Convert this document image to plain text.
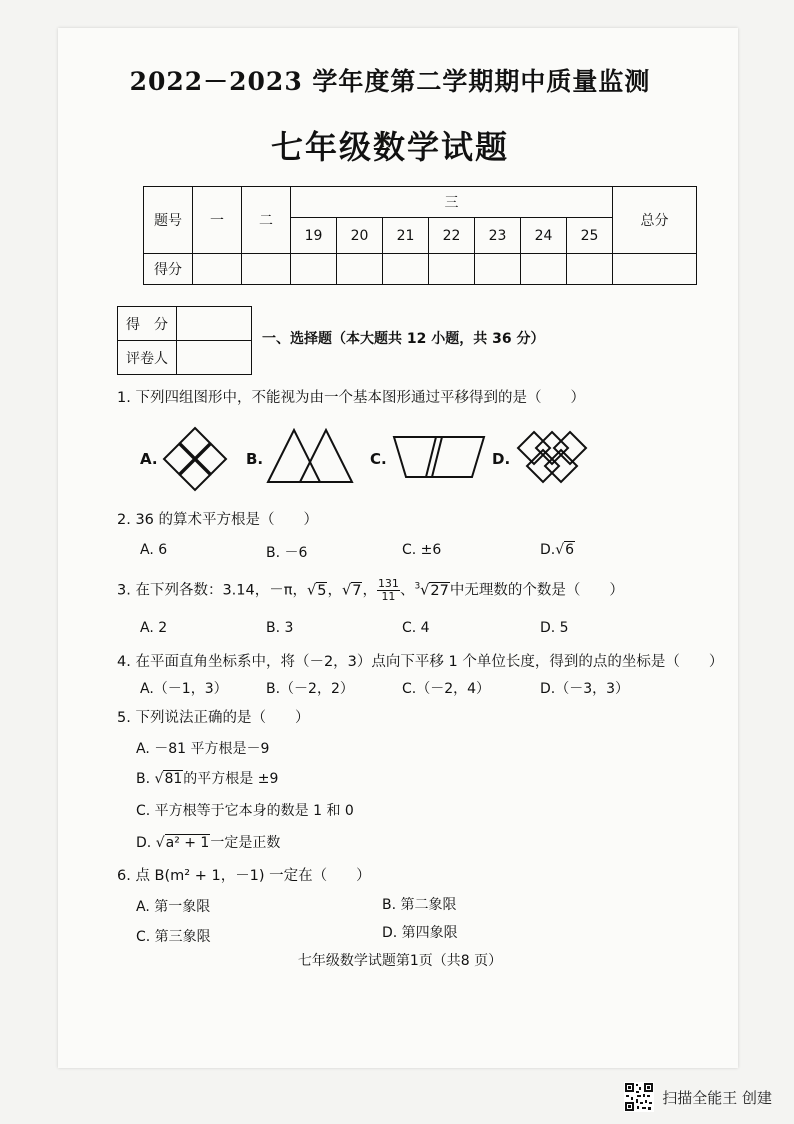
2022－2023 学年度第二学期期中质量监测
七年级数学试题
题号	一	二	三							总分
			19	20	21	22	23	24	25	
得分										
得　分	
评卷人	
一、选择题（本大题共 12 小题，共 36 分）
1. 下列四组图形中，不能视为由一个基本图形通过平移得到的是（　　）
A.	B.	C.	D.
2. 36 的算术平方根是（　　）
A. 6	B. －6	C. ±6	D.√6
3. 在下列各数：3.14，－π，√5，√7， $\frac{131}{11}$ 、$^3$√27中无理数的个数是（　　）
A. 2	B. 3	C. 4	D. 5
4. 在平面直角坐标系中，将（－2，3）点向下平移 1 个单位长度，得到的点的坐标是（　　）
A.（－1，3）	B.（－2，2）	C.（－2，4）	D.（－3，3）
5. 下列说法正确的是（　　）
A. －81 平方根是－9
B. √81的平方根是 ±9
C. 平方根等于它本身的数是 1 和 0
D. √a² + 1一定是正数
6. 点 B(m² + 1，－1) 一定在（　　）
A. 第一象限	B. 第二象限
C. 第三象限	D. 第四象限
七年级数学试题第1页（共8 页）
扫描全能王 创建
